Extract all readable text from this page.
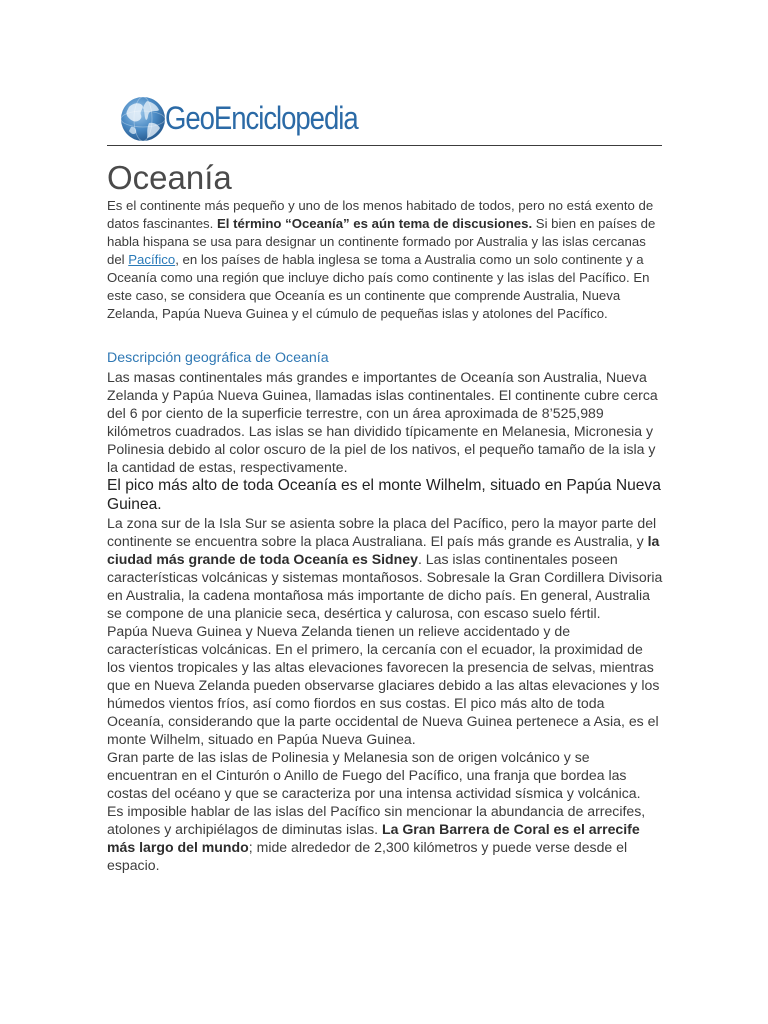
GeoEnciclopedia
Oceanía

Es el continente más pequeño y uno de los menos habitado de todos, pero no está exento de datos fascinantes. El término “Oceanía” es aún tema de discusiones. Si bien en países de habla hispana se usa para designar un continente formado por Australia y las islas cercanas del Pacífico, en los países de habla inglesa se toma a Australia como un solo continente y a Oceanía como una región que incluye dicho país como continente y las islas del Pacífico. En este caso, se considera que Oceanía es un continente que comprende Australia, Nueva Zelanda, Papúa Nueva Guinea y el cúmulo de pequeñas islas y atolones del Pacífico.

Descripción geográfica de Oceanía

Las masas continentales más grandes e importantes de Oceanía son Australia, Nueva Zelanda y Papúa Nueva Guinea, llamadas islas continentales. El continente cubre cerca del 6 por ciento de la superficie terrestre, con un área aproximada de 8’525,989 kilómetros cuadrados. Las islas se han dividido típicamente en Melanesia, Micronesia y Polinesia debido al color oscuro de la piel de los nativos, el pequeño tamaño de la isla y la cantidad de estas, respectivamente.

El pico más alto de toda Oceanía es el monte Wilhelm, situado en Papúa Nueva Guinea.

La zona sur de la Isla Sur se asienta sobre la placa del Pacífico, pero la mayor parte del continente se encuentra sobre la placa Australiana. El país más grande es Australia, y la ciudad más grande de toda Oceanía es Sidney. Las islas continentales poseen características volcánicas y sistemas montañosos. Sobresale la Gran Cordillera Divisoria en Australia, la cadena montañosa más importante de dicho país. En general, Australia se compone de una planicie seca, desértica y calurosa, con escaso suelo fértil.

Papúa Nueva Guinea y Nueva Zelanda tienen un relieve accidentado y de características volcánicas. En el primero, la cercanía con el ecuador, la proximidad de los vientos tropicales y las altas elevaciones favorecen la presencia de selvas, mientras que en Nueva Zelanda pueden observarse glaciares debido a las altas elevaciones y los húmedos vientos fríos, así como fiordos en sus costas. El pico más alto de toda Oceanía, considerando que la parte occidental de Nueva Guinea pertenece a Asia, es el monte Wilhelm, situado en Papúa Nueva Guinea.

Gran parte de las islas de Polinesia y Melanesia son de origen volcánico y se encuentran en el Cinturón o Anillo de Fuego del Pacífico, una franja que bordea las costas del océano y que se caracteriza por una intensa actividad sísmica y volcánica.

Es imposible hablar de las islas del Pacífico sin mencionar la abundancia de arrecifes, atolones y archipiélagos de diminutas islas. La Gran Barrera de Coral es el arrecife más largo del mundo; mide alrededor de 2,300 kilómetros y puede verse desde el espacio.
